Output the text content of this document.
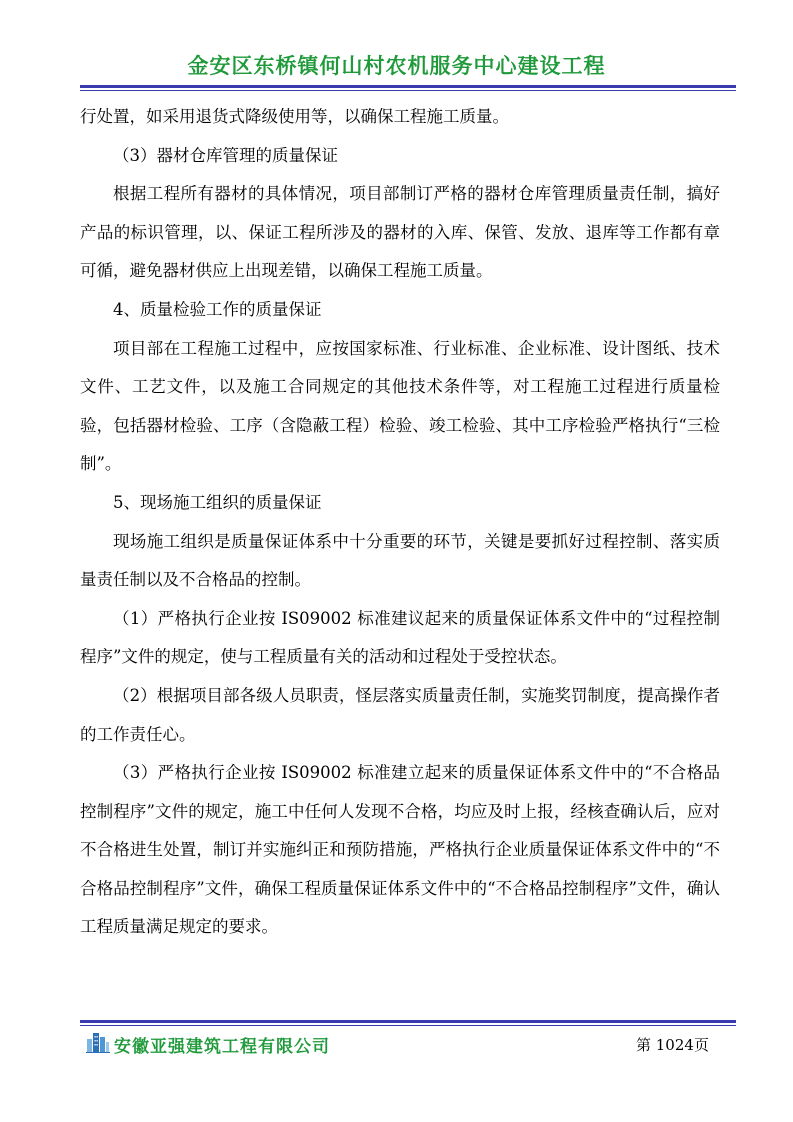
金安区东桥镇何山村农机服务中心建设工程

行处置，如采用退货式降级使用等，以确保工程施工质量。

（3）器材仓库管理的质量保证

根据工程所有器材的具体情况，项目部制订严格的器材仓库管理质量责任制，搞好产品的标识管理，以、保证工程所涉及的器材的入库、保管、发放、退库等工作都有章可循，避免器材供应上出现差错，以确保工程施工质量。

4、质量检验工作的质量保证

项目部在工程施工过程中，应按国家标准、行业标准、企业标准、设计图纸、技术文件、工艺文件，以及施工合同规定的其他技术条件等，对工程施工过程进行质量检验，包括器材检验、工序（含隐蔽工程）检验、竣工检验、其中工序检验严格执行“三检制”。

5、现场施工组织的质量保证

现场施工组织是质量保证体系中十分重要的环节，关键是要抓好过程控制、落实质量责任制以及不合格品的控制。

（1）严格执行企业按 IS09002 标准建议起来的质量保证体系文件中的“过程控制程序”文件的规定，使与工程质量有关的活动和过程处于受控状态。

（2）根据项目部各级人员职责，怪层落实质量责任制，实施奖罚制度，提高操作者的工作责任心。

（3）严格执行企业按 IS09002 标准建立起来的质量保证体系文件中的“不合格品控制程序”文件的规定，施工中任何人发现不合格，均应及时上报，经核查确认后，应对不合格进生处置，制订并实施纠正和预防措施，严格执行企业质量保证体系文件中的“不合格品控制程序”文件，确保工程质量保证体系文件中的“不合格品控制程序”文件，确认工程质量满足规定的要求。

安徽亚强建筑工程有限公司	第 1024页
